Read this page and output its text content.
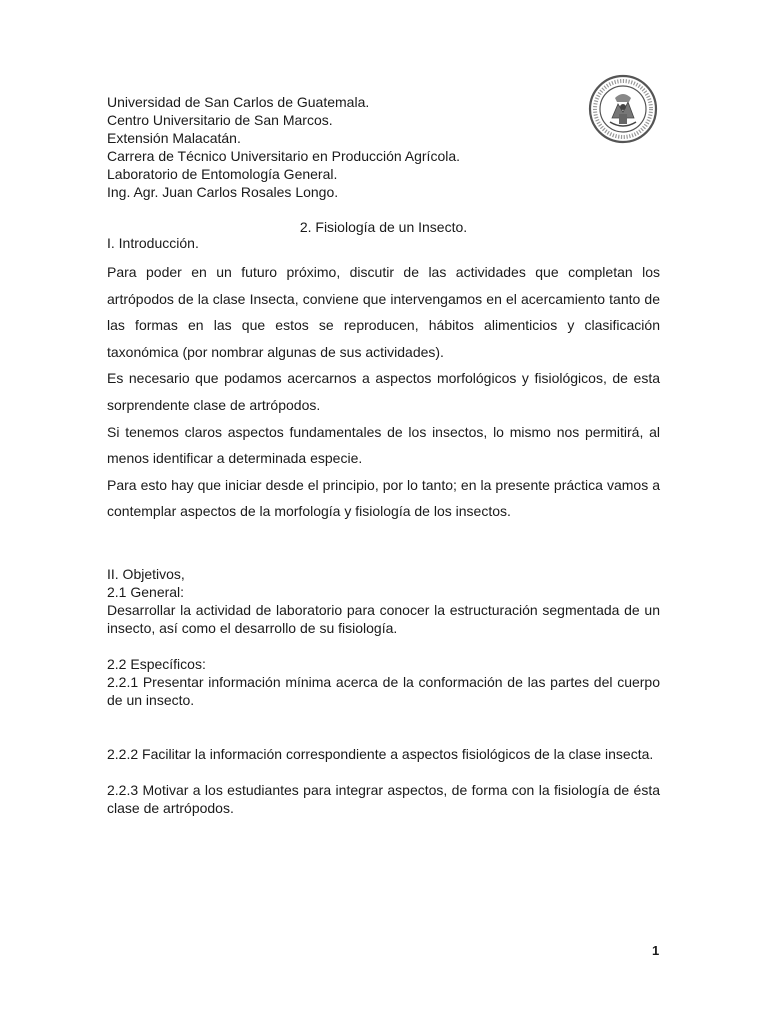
Universidad de San Carlos de Guatemala.
Centro Universitario de San Marcos.
Extensión Malacatán.
Carrera de Técnico Universitario en Producción Agrícola.
Laboratorio de Entomología General.
Ing. Agr. Juan Carlos Rosales Longo.
2. Fisiología de un Insecto.
I. Introducción.

Para poder en un futuro próximo, discutir de las actividades que completan los artrópodos de la clase Insecta, conviene que intervengamos en el acercamiento tanto de las formas en las que estos se reproducen, hábitos alimenticios y clasificación taxonómica (por nombrar algunas de sus actividades).

Es necesario que podamos acercarnos a aspectos morfológicos y fisiológicos, de esta sorprendente clase de artrópodos.

Si tenemos claros aspectos fundamentales de los insectos, lo mismo nos permitirá, al menos identificar a determinada especie.

Para esto hay que iniciar desde el principio, por lo tanto; en la presente práctica vamos a contemplar aspectos de la morfología y fisiología de los insectos.

II. Objetivos,

2.1 General:

Desarrollar la actividad de laboratorio para conocer la estructuración segmentada de un insecto, así como el desarrollo de su fisiología.

2.2 Específicos:

2.2.1 Presentar información mínima acerca de la conformación de las partes del cuerpo de un insecto.

2.2.2 Facilitar la información correspondiente a aspectos fisiológicos de la clase insecta.

2.2.3 Motivar a los estudiantes para integrar aspectos, de forma con la fisiología de ésta clase de artrópodos.

1
